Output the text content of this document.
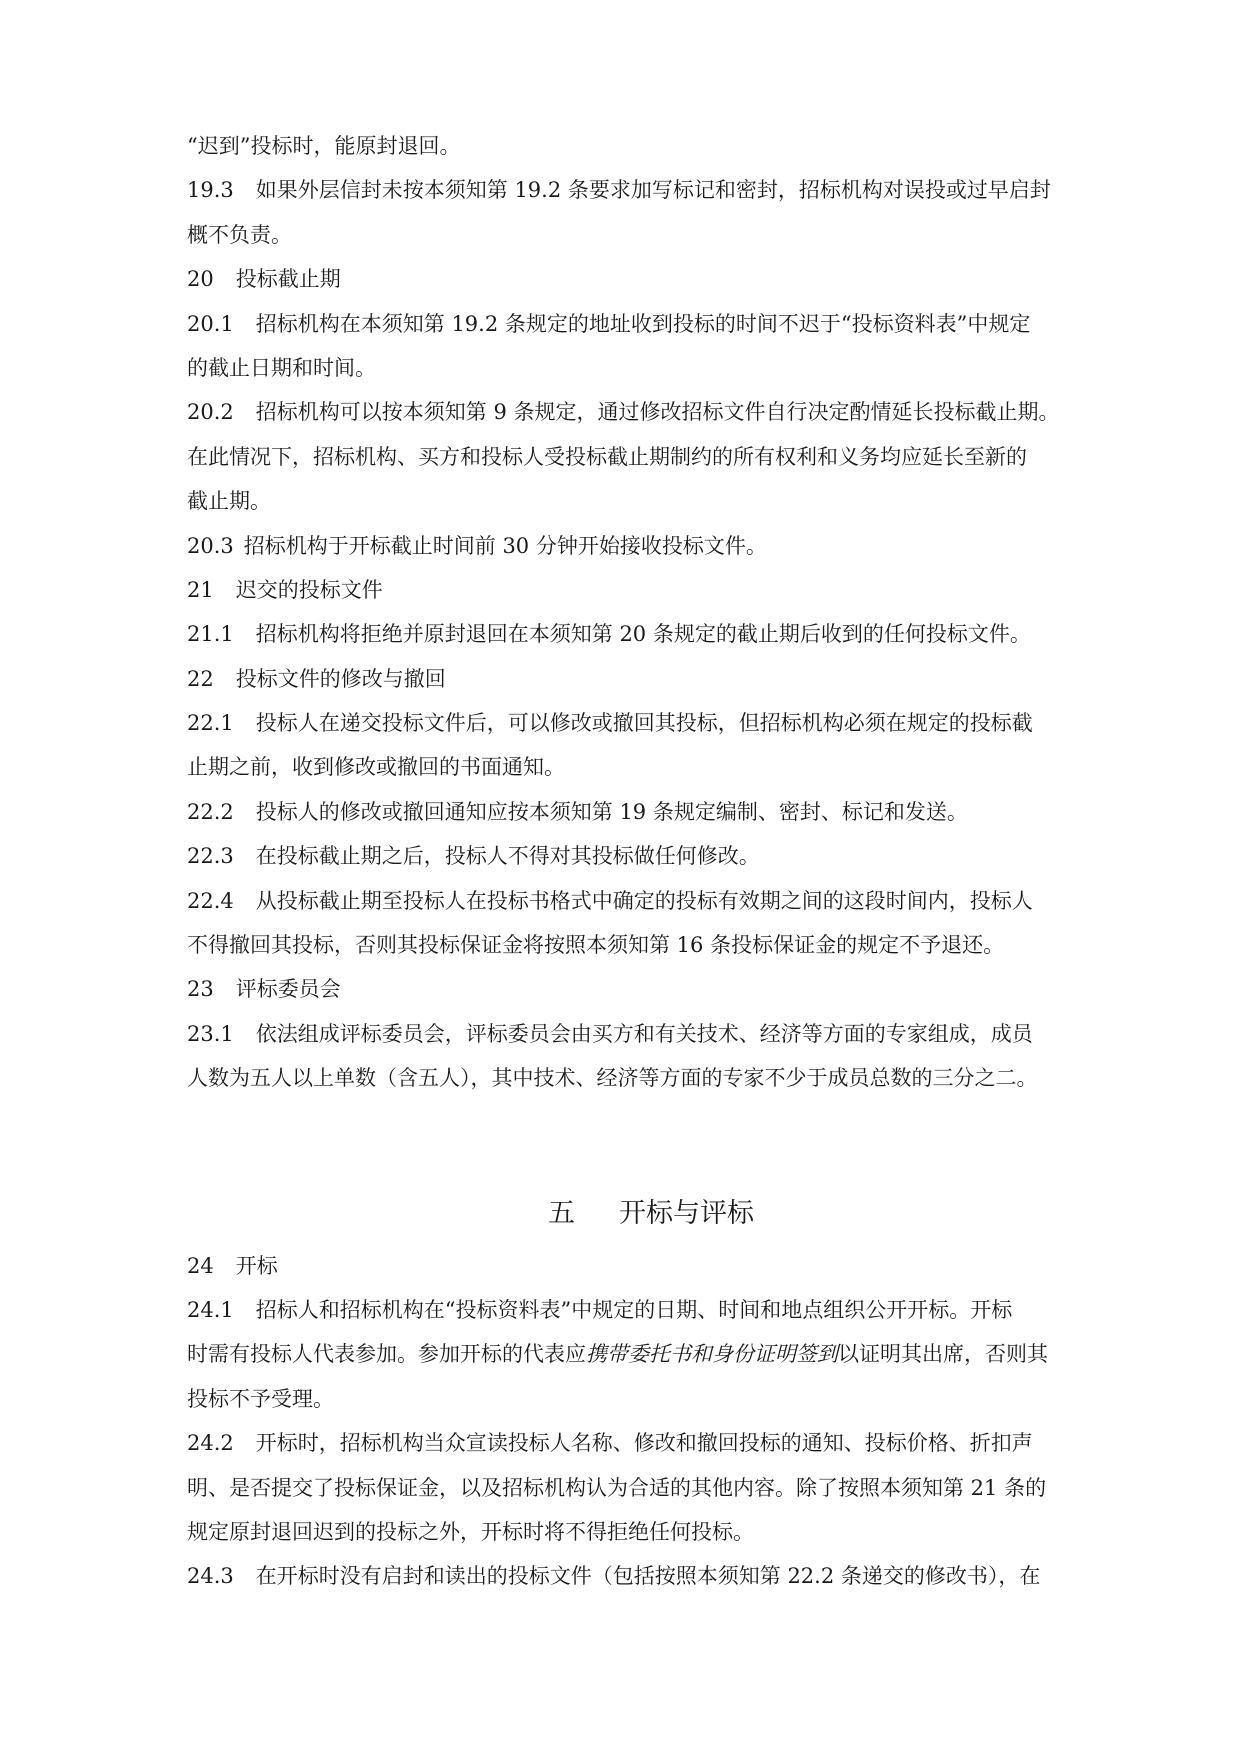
“迟到”投标时，能原封退回。
19.3 如果外层信封未按本须知第 19.2 条要求加写标记和密封，招标机构对误投或过早启封
概不负责。
20 投标截止期
20.1 招标机构在本须知第 19.2 条规定的地址收到投标的时间不迟于“投标资料表”中规定
的截止日期和时间。
20.2 招标机构可以按本须知第 9 条规定，通过修改招标文件自行决定酌情延长投标截止期。
在此情况下，招标机构、买方和投标人受投标截止期制约的所有权利和义务均应延长至新的
截止期。
20.3 招标机构于开标截止时间前 30 分钟开始接收投标文件。
21 迟交的投标文件
21.1 招标机构将拒绝并原封退回在本须知第 20 条规定的截止期后收到的任何投标文件。
22 投标文件的修改与撤回
22.1 投标人在递交投标文件后，可以修改或撤回其投标，但招标机构必须在规定的投标截
止期之前，收到修改或撤回的书面通知。
22.2 投标人的修改或撤回通知应按本须知第 19 条规定编制、密封、标记和发送。
22.3 在投标截止期之后，投标人不得对其投标做任何修改。
22.4 从投标截止期至投标人在投标书格式中确定的投标有效期之间的这段时间内，投标人
不得撤回其投标，否则其投标保证金将按照本须知第 16 条投标保证金的规定不予退还。
23 评标委员会
23.1 依法组成评标委员会，评标委员会由买方和有关技术、经济等方面的专家组成，成员
人数为五人以上单数（含五人），其中技术、经济等方面的专家不少于成员总数的三分之二。
五 开标与评标
24 开标
24.1 招标人和招标机构在“投标资料表”中规定的日期、时间和地点组织公开开标。开标
时需有投标人代表参加。参加开标的代表应携带委托书和身份证明签到以证明其出席，否则其
投标不予受理。
24.2 开标时，招标机构当众宣读投标人名称、修改和撤回投标的通知、投标价格、折扣声
明、是否提交了投标保证金，以及招标机构认为合适的其他内容。除了按照本须知第 21 条的
规定原封退回迟到的投标之外，开标时将不得拒绝任何投标。
24.3 在开标时没有启封和读出的投标文件（包括按照本须知第 22.2 条递交的修改书），在
